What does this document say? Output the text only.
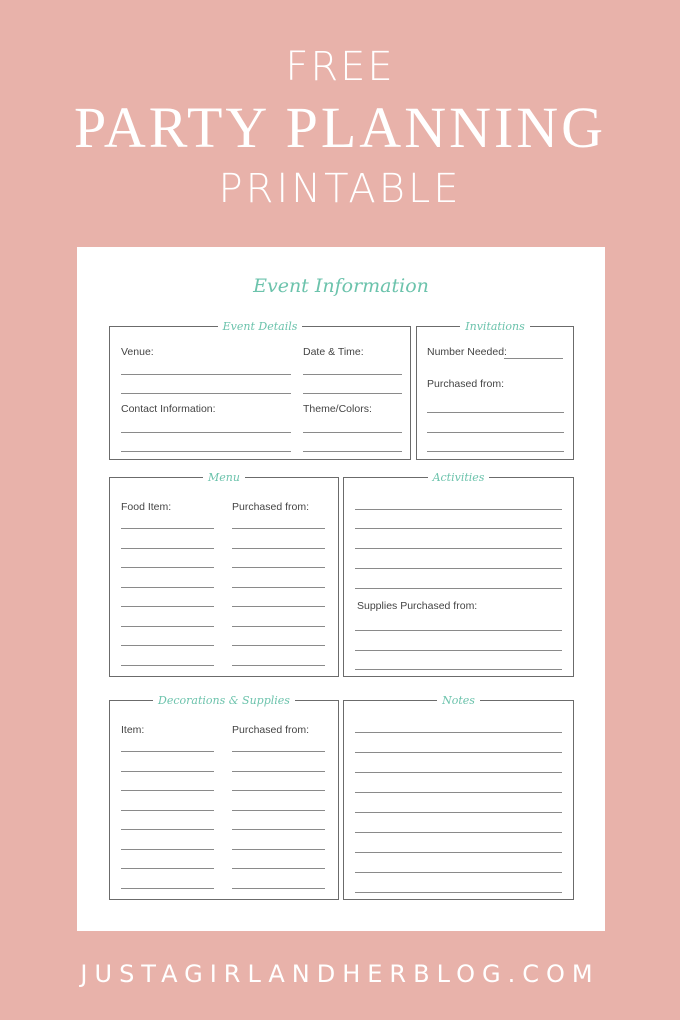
FREE
PARTY PLANNING
PRINTABLE
Event Information
Event Details
Venue:	Date & Time:
Contact Information:	Theme/Colors:
Invitations
Number Needed:
Purchased from:
Menu
Food Item:	Purchased from:
Activities
Supplies Purchased from:
Decorations & Supplies
Item:	Purchased from:
Notes
JUSTAGIRLANDHERBLOG.COM
